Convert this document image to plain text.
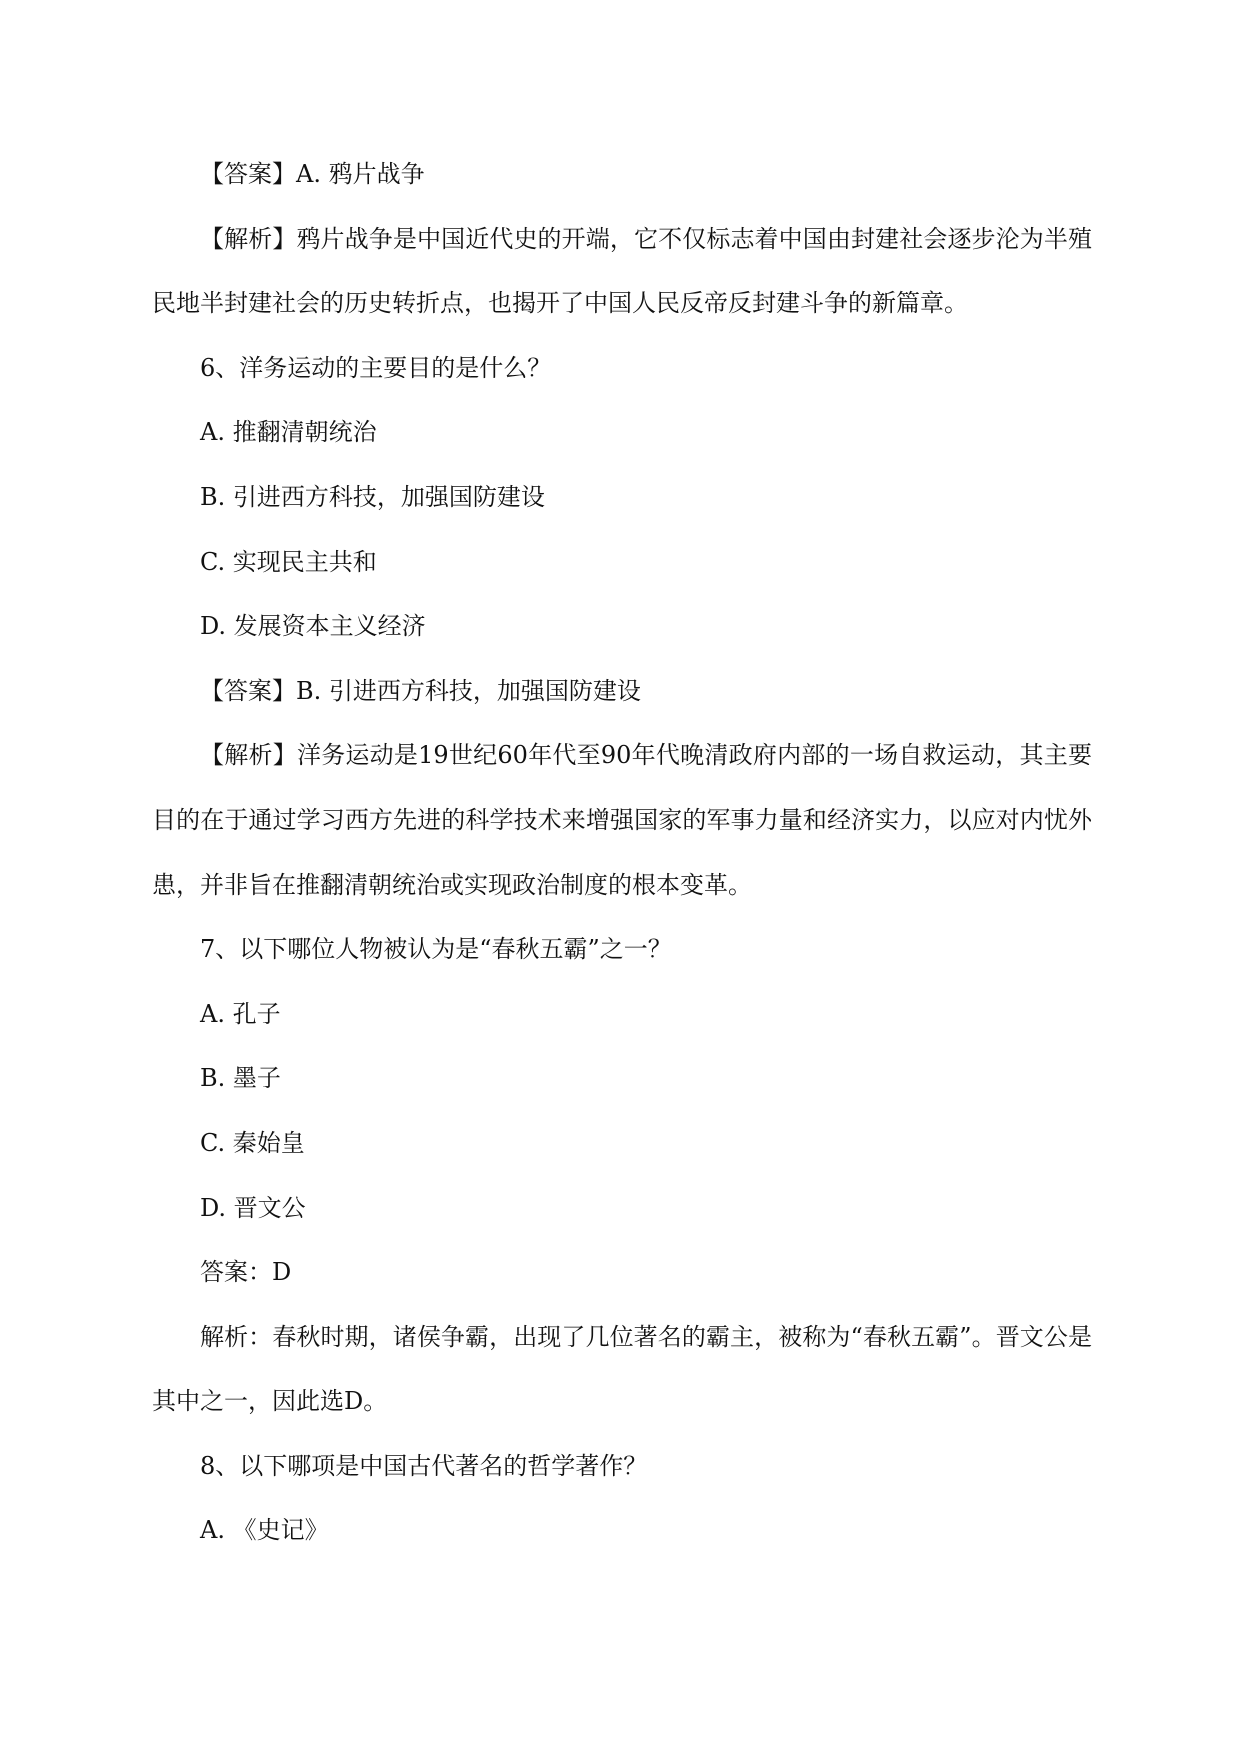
【答案】A. 鸦片战争

【解析】鸦片战争是中国近代史的开端，它不仅标志着中国由封建社会逐步沦为半殖民地半封建社会的历史转折点，也揭开了中国人民反帝反封建斗争的新篇章。

6、洋务运动的主要目的是什么？

A. 推翻清朝统治

B. 引进西方科技，加强国防建设

C. 实现民主共和

D. 发展资本主义经济

【答案】B. 引进西方科技，加强国防建设

【解析】洋务运动是19世纪60年代至90年代晚清政府内部的一场自救运动，其主要目的在于通过学习西方先进的科学技术来增强国家的军事力量和经济实力，以应对内忧外患，并非旨在推翻清朝统治或实现政治制度的根本变革。

7、以下哪位人物被认为是“春秋五霸”之一？

A. 孔子

B. 墨子

C. 秦始皇

D. 晋文公

答案：D

解析：春秋时期，诸侯争霸，出现了几位著名的霸主，被称为“春秋五霸”。晋文公是其中之一，因此选D。

8、以下哪项是中国古代著名的哲学著作？

A. 《史记》
